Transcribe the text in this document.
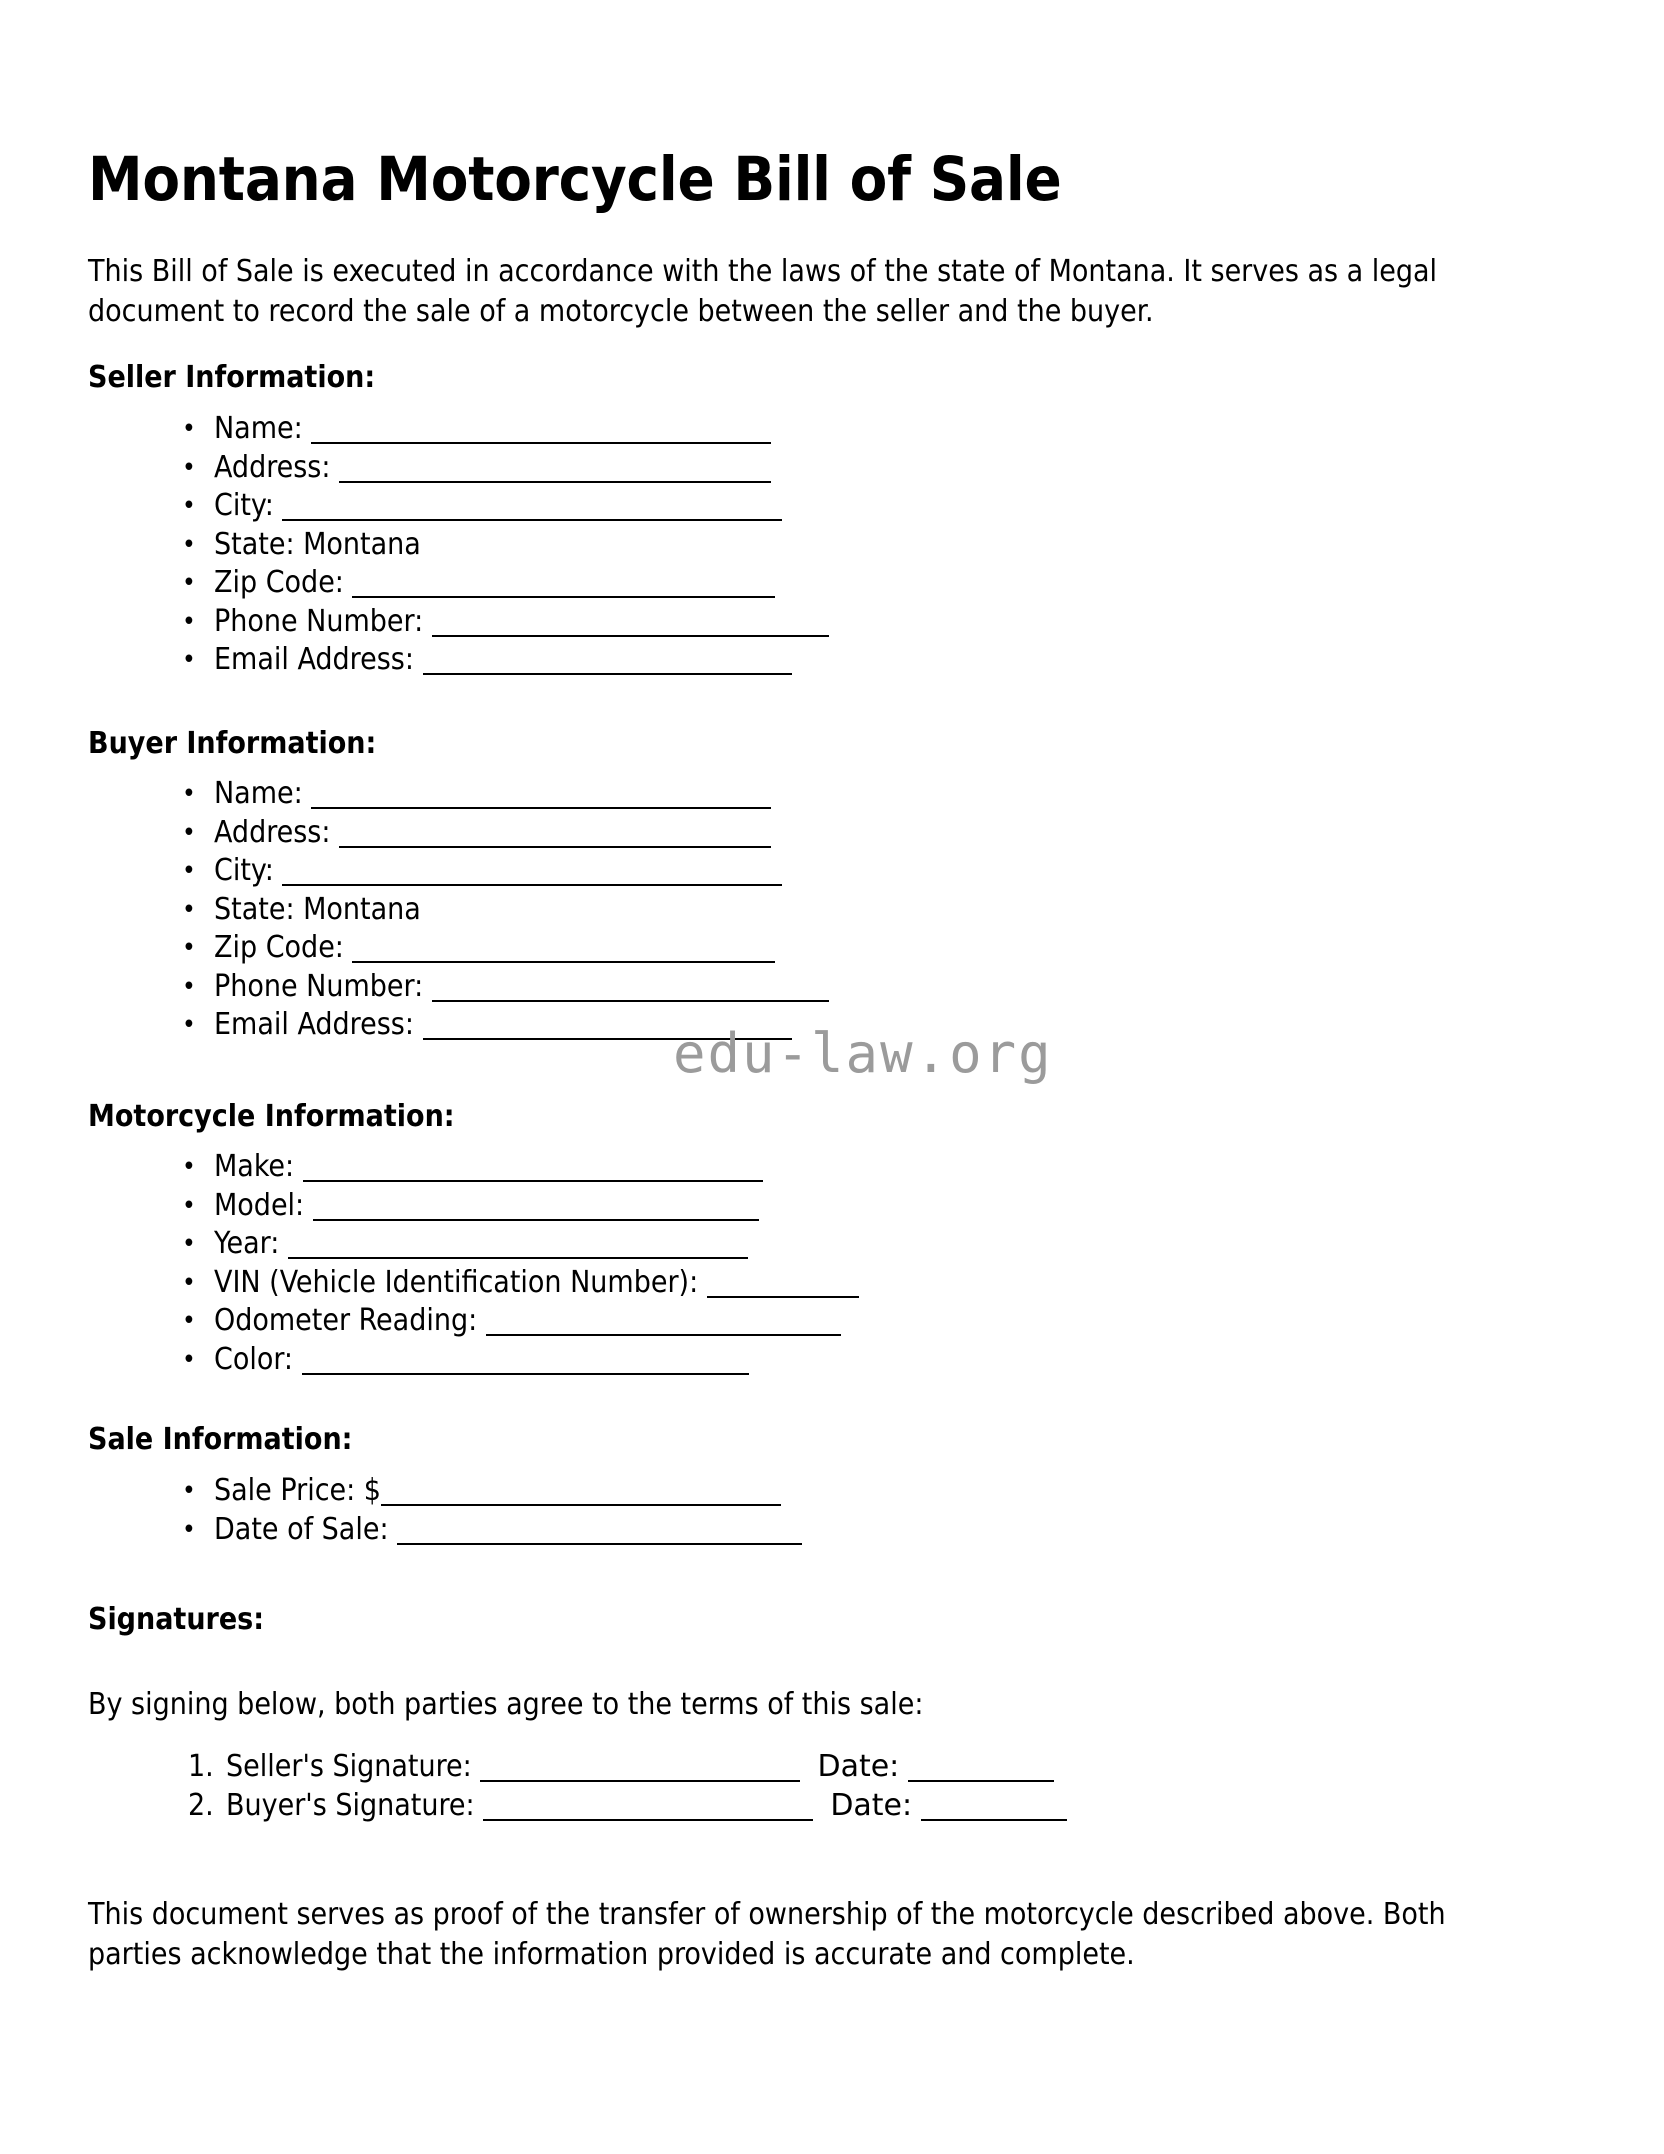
edu-law.org
Montana Motorcycle Bill of Sale

This Bill of Sale is executed in accordance with the laws of the state of Montana. It serves as a legal document to record the sale of a motorcycle between the seller and the buyer.

Seller Information:
• Name:
• Address:
• City:
• State: Montana
• Zip Code:
• Phone Number:
• Email Address:
Buyer Information:
• Name:
• Address:
• City:
• State: Montana
• Zip Code:
• Phone Number:
• Email Address:
Motorcycle Information:
• Make:
• Model:
• Year:
• VIN (Vehicle Identification Number):
• Odometer Reading:
• Color:
Sale Information:
• Sale Price: $
• Date of Sale:
Signatures:

By signing below, both parties agree to the terms of this sale:

1. Seller's Signature:	Date:
2. Buyer's Signature:	Date:

This document serves as proof of the transfer of ownership of the motorcycle described above. Both parties acknowledge that the information provided is accurate and complete.
